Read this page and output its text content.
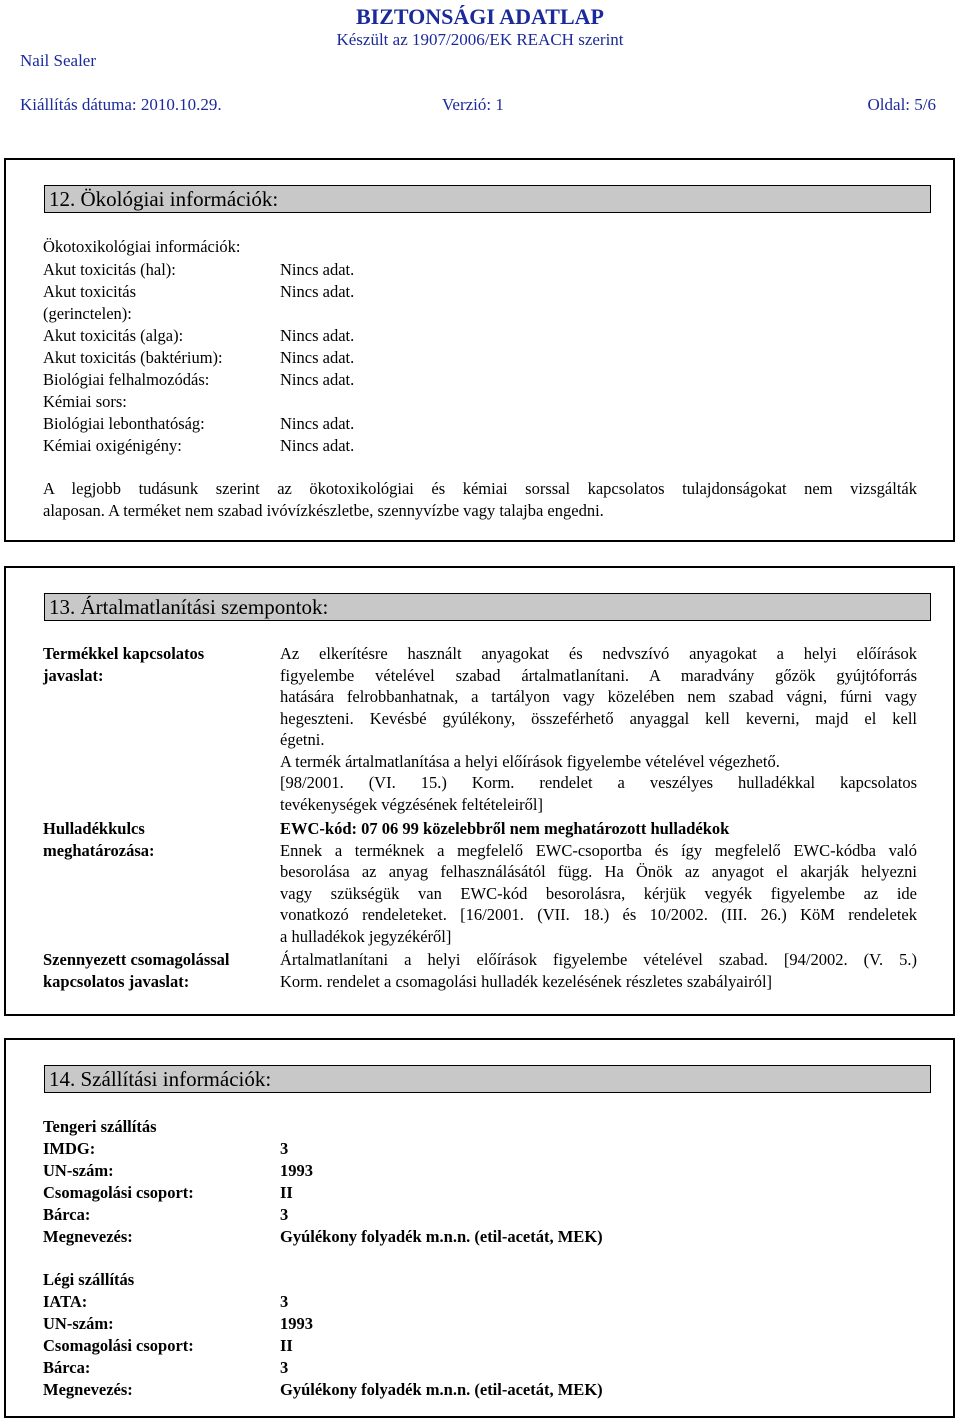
BIZTONSÁGI ADATLAP
Készült az 1907/2006/EK REACH szerint
Nail Sealer
Kiállítás dátuma: 2010.10.29.	Verzió: 1	Oldal: 5/6
12. Ökológiai információk:
Ökotoxikológiai információk:
Akut toxicitás (hal):	Nincs adat.
Akut toxicitás	Nincs adat.
(gerinctelen):
Akut toxicitás (alga):	Nincs adat.
Akut toxicitás (baktérium):	Nincs adat.
Biológiai felhalmozódás:	Nincs adat.
Kémiai sors:
Biológiai lebonthatóság:	Nincs adat.
Kémiai oxigénigény:	Nincs adat.
A legjobb tudásunk szerint az ökotoxikológiai és kémiai sorssal kapcsolatos tulajdonságokat nem vizsgálták
alaposan. A terméket nem szabad ivóvízkészletbe, szennyvízbe vagy talajba engedni.
13. Ártalmatlanítási szempontok:
Termékkel kapcsolatos
javaslat:
Az elkerítésre használt anyagokat és nedvszívó anyagokat a helyi előírások
figyelembe vételével szabad ártalmatlanítani. A maradvány gőzök gyújtóforrás
hatására felrobbanhatnak, a tartályon vagy közelében nem szabad vágni, fúrni vagy
hegeszteni. Kevésbé gyúlékony, összeférhető anyaggal kell keverni, majd el kell
égetni.
A termék ártalmatlanítása a helyi előírások figyelembe vételével végezhető.
[98/2001. (VI. 15.) Korm. rendelet a veszélyes hulladékkal kapcsolatos
tevékenységek végzésének feltételeiről]
Hulladékkulcs
meghatározása:
EWC-kód: 07 06 99 közelebbről nem meghatározott hulladékok
Ennek a terméknek a megfelelő EWC-csoportba és így megfelelő EWC-kódba való
besorolása az anyag felhasználásától függ. Ha Önök az anyagot el akarják helyezni
vagy szükségük van EWC-kód besorolásra, kérjük vegyék figyelembe az ide
vonatkozó rendeleteket. [16/2001. (VII. 18.) és 10/2002. (III. 26.) KöM rendeletek
a hulladékok jegyzékéről]
Szennyezett csomagolással
kapcsolatos javaslat:
Ártalmatlanítani a helyi előírások figyelembe vételével szabad. [94/2002. (V. 5.)
Korm. rendelet a csomagolási hulladék kezelésének részletes szabályairól]
14. Szállítási információk:
Tengeri szállítás
IMDG:	3
UN-szám:	1993
Csomagolási csoport:	II
Bárca:	3
Megnevezés:	Gyúlékony folyadék m.n.n. (etil-acetát, MEK)
Légi szállítás
IATA:	3
UN-szám:	1993
Csomagolási csoport:	II
Bárca:	3
Megnevezés:	Gyúlékony folyadék m.n.n. (etil-acetát, MEK)
